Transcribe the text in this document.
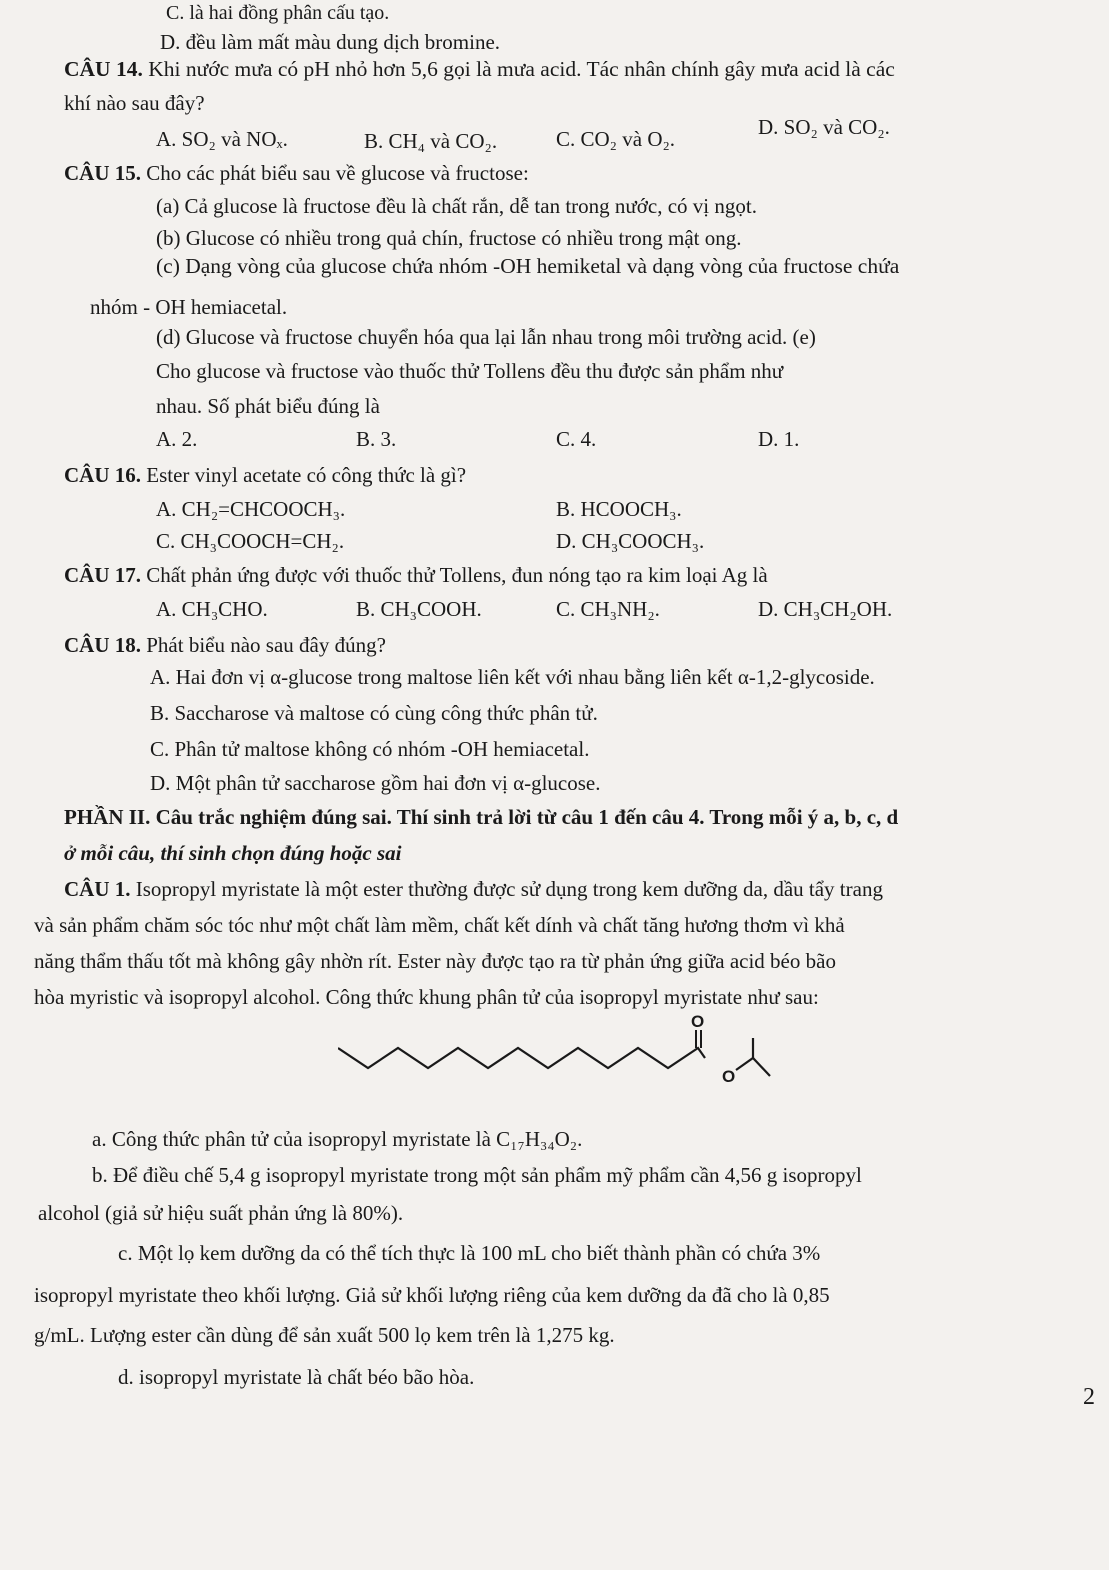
C. là hai đồng phân cấu tạo.
D. đều làm mất màu dung dịch bromine.
CÂU 14. Khi nước mưa có pH nhỏ hơn 5,6 gọi là mưa acid. Tác nhân chính gây mưa acid là các
khí nào sau đây?
A. SO₂ và NOₓ.	B. CH₄ và CO₂.	C. CO₂ và O₂.	D. SO₂ và CO₂.
CÂU 15. Cho các phát biểu sau về glucose và fructose:
(a) Cả glucose là fructose đều là chất rắn, dễ tan trong nước, có vị ngọt.
(b) Glucose có nhiều trong quả chín, fructose có nhiều trong mật ong.
(c) Dạng vòng của glucose chứa nhóm -OH hemiketal và dạng vòng của fructose chứa
nhóm - OH hemiacetal.
(d) Glucose và fructose chuyển hóa qua lại lẫn nhau trong môi trường acid. (e)
Cho glucose và fructose vào thuốc thử Tollens đều thu được sản phẩm như
nhau. Số phát biểu đúng là
A. 2.	B. 3.	C. 4.	D. 1.
CÂU 16. Ester vinyl acetate có công thức là gì?
A. CH₂=CHCOOCH₃.	B. HCOOCH₃.
C. CH₃COOCH=CH₂.	D. CH₃COOCH₃.
CÂU 17. Chất phản ứng được với thuốc thử Tollens, đun nóng tạo ra kim loại Ag là
A. CH₃CHO.	B. CH₃COOH.	C. CH₃NH₂.	D. CH₃CH₂OH.
CÂU 18. Phát biểu nào sau đây đúng?
A. Hai đơn vị α-glucose trong maltose liên kết với nhau bằng liên kết α-1,2-glycoside.
B. Saccharose và maltose có cùng công thức phân tử.
C. Phân tử maltose không có nhóm -OH hemiacetal.
D. Một phân tử saccharose gồm hai đơn vị α-glucose.
PHẦN II. Câu trắc nghiệm đúng sai. Thí sinh trả lời từ câu 1 đến câu 4. Trong mỗi ý a, b, c, d
ở mỗi câu, thí sinh chọn đúng hoặc sai
CÂU 1. Isopropyl myristate là một ester thường được sử dụng trong kem dưỡng da, dầu tẩy trang
và sản phẩm chăm sóc tóc như một chất làm mềm, chất kết dính và chất tăng hương thơm vì khả
năng thẩm thấu tốt mà không gây nhờn rít. Ester này được tạo ra từ phản ứng giữa acid béo bão
hòa myristic và isopropyl alcohol. Công thức khung phân tử của isopropyl myristate như sau:
O
O
a. Công thức phân tử của isopropyl myristate là C₁₇H₃₄O₂.
b. Để điều chế 5,4 g isopropyl myristate trong một sản phẩm mỹ phẩm cần 4,56 g isopropyl
alcohol (giả sử hiệu suất phản ứng là 80%).
c. Một lọ kem dưỡng da có thể tích thực là 100 mL cho biết thành phần có chứa 3%
isopropyl myristate theo khối lượng. Giả sử khối lượng riêng của kem dưỡng da đã cho là 0,85
g/mL. Lượng ester cần dùng để sản xuất 500 lọ kem trên là 1,275 kg.
d. isopropyl myristate là chất béo bão hòa.
2
